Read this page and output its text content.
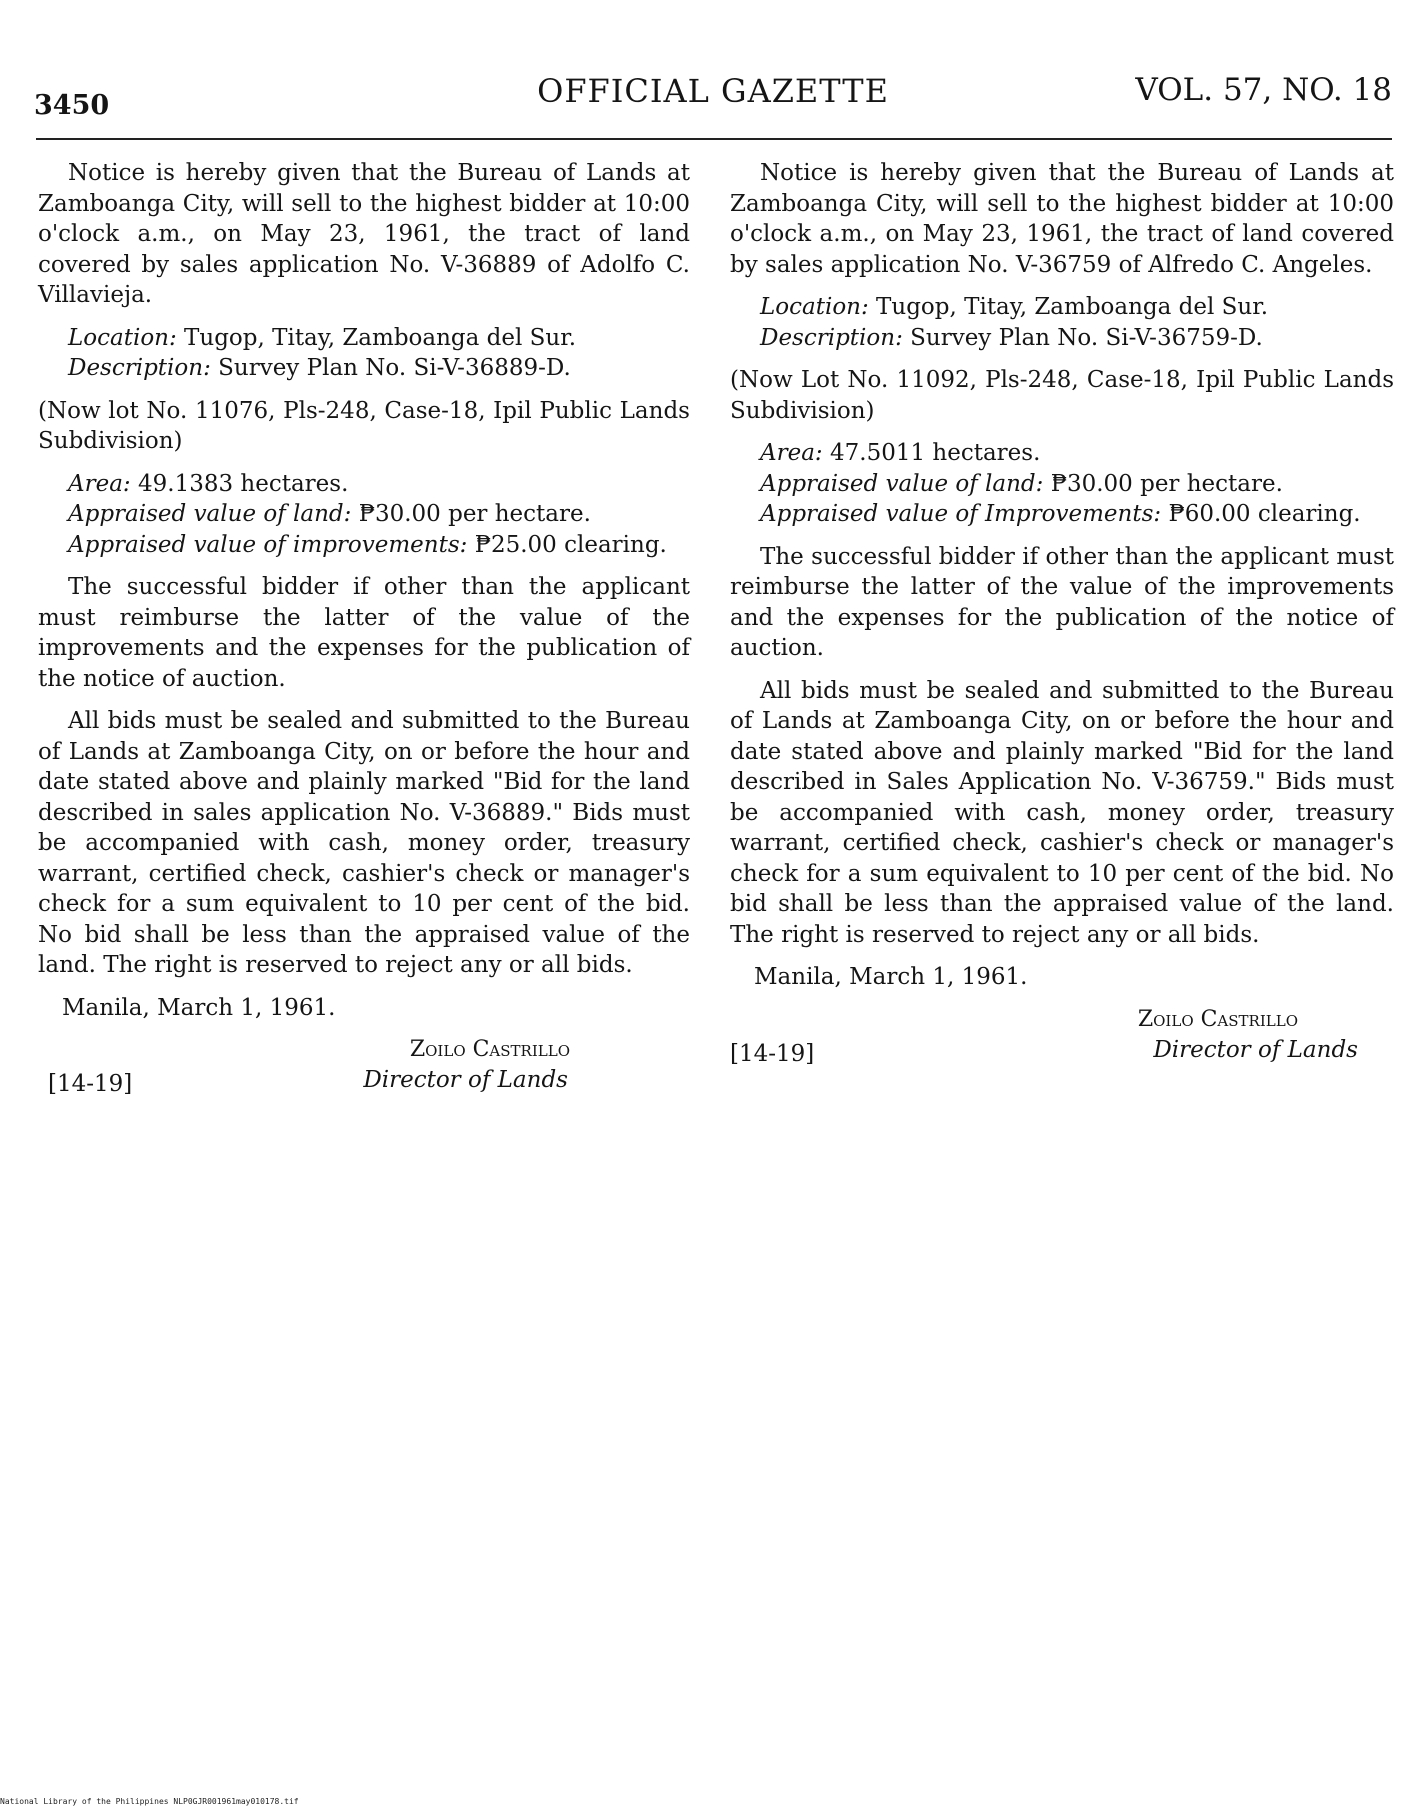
3450	OFFICIAL GAZETTE	VOL. 57, NO. 18

Notice is hereby given that the Bureau of Lands at Zamboanga City, will sell to the highest bidder at 10:00 o'clock a.m., on May 23, 1961, the tract of land covered by sales application No. V-36889 of Adolfo C. Villavieja.

Location: Tugop, Titay, Zamboanga del Sur.

Description: Survey Plan No. Si-V-36889-D.

(Now lot No. 11076, Pls-248, Case-18, Ipil Public Lands Subdivision)

Area: 49.1383 hectares.

Appraised value of land: ₱30.00 per hectare.

Appraised value of improvements: ₱25.00 clearing.

The successful bidder if other than the applicant must reimburse the latter of the value of the improvements and the expenses for the publication of the notice of auction.

All bids must be sealed and submitted to the Bureau of Lands at Zamboanga City, on or before the hour and date stated above and plainly marked "Bid for the land described in sales application No. V-36889." Bids must be accompanied with cash, money order, treasury warrant, certified check, cashier's check or manager's check for a sum equivalent to 10 per cent of the bid. No bid shall be less than the appraised value of the land. The right is reserved to reject any or all bids.

Manila, March 1, 1961.

Zoilo Castrillo
Director of Lands
[14-19]

Notice is hereby given that the Bureau of Lands at Zamboanga City, will sell to the highest bidder at 10:00 o'clock a.m., on May 23, 1961, the tract of land covered by sales application No. V-36759 of Alfredo C. Angeles.

Location: Tugop, Titay, Zamboanga del Sur.

Description: Survey Plan No. Si-V-36759-D.

(Now Lot No. 11092, Pls-248, Case-18, Ipil Public Lands Subdivision)

Area: 47.5011 hectares.

Appraised value of land: ₱30.00 per hectare.

Appraised value of Improvements: ₱60.00 clearing.

The successful bidder if other than the applicant must reimburse the latter of the value of the improvements and the expenses for the publication of the notice of auction.

All bids must be sealed and submitted to the Bureau of Lands at Zamboanga City, on or before the hour and date stated above and plainly marked "Bid for the land described in Sales Application No. V-36759." Bids must be accompanied with cash, money order, treasury warrant, certified check, cashier's check or manager's check for a sum equivalent to 10 per cent of the bid. No bid shall be less than the appraised value of the land. The right is reserved to reject any or all bids.

Manila, March 1, 1961.

Zoilo Castrillo
Director of Lands
[14-19]
National Library of the Philippines NLP0GJR001961may010178.tif
